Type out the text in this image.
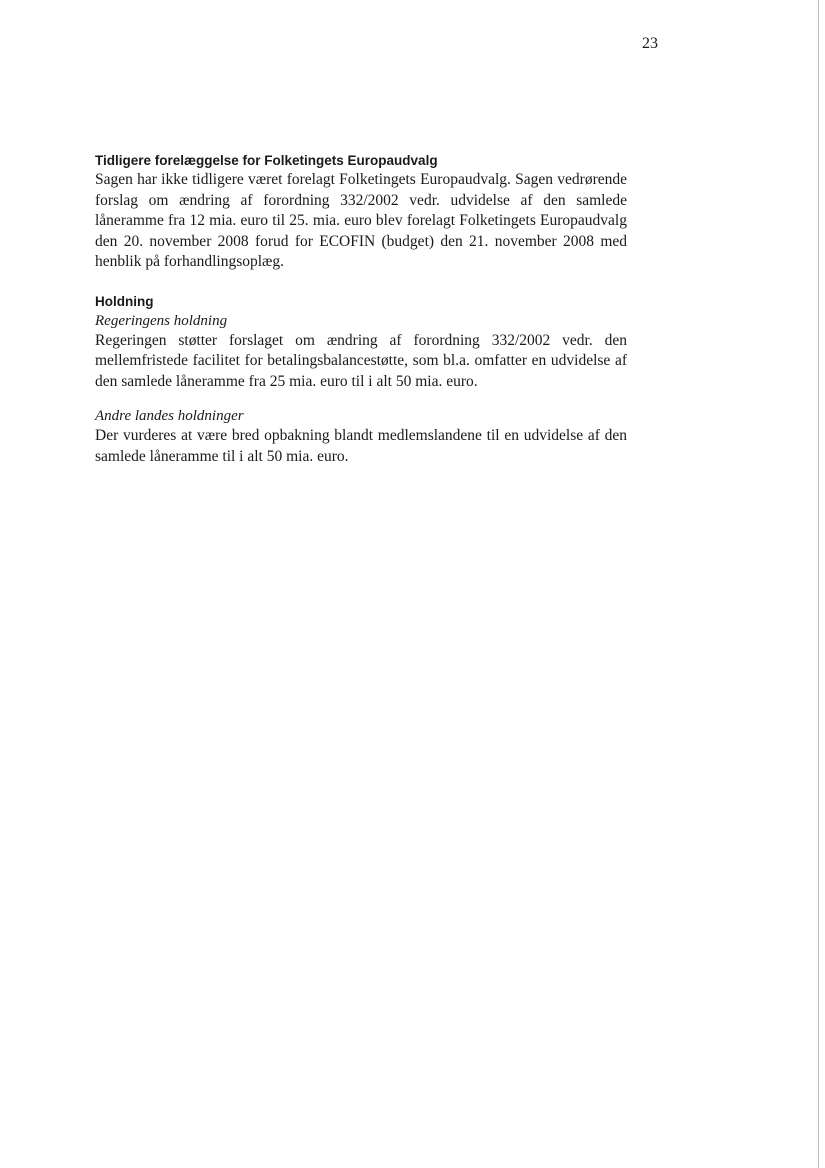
23
Tidligere forelæggelse for Folketingets Europaudvalg

Sagen har ikke tidligere været forelagt Folketingets Europaudvalg. Sagen vedrørende forslag om ændring af forordning 332/2002 vedr. udvidelse af den samlede låneramme fra 12 mia. euro til 25. mia. euro blev forelagt Folketingets Europaudvalg den 20. november 2008 forud for ECOFIN (budget) den 21. november 2008 med henblik på forhandlingsoplæg.

Holdning

Regeringens holdning

Regeringen støtter forslaget om ændring af forordning 332/2002 vedr. den mellemfristede facilitet for betalingsbalancestøtte, som bl.a. omfatter en udvidelse af den samlede låneramme fra 25 mia. euro til i alt 50 mia. euro.

Andre landes holdninger

Der vurderes at være bred opbakning blandt medlemslandene til en udvidelse af den samlede låneramme til i alt 50 mia. euro.
